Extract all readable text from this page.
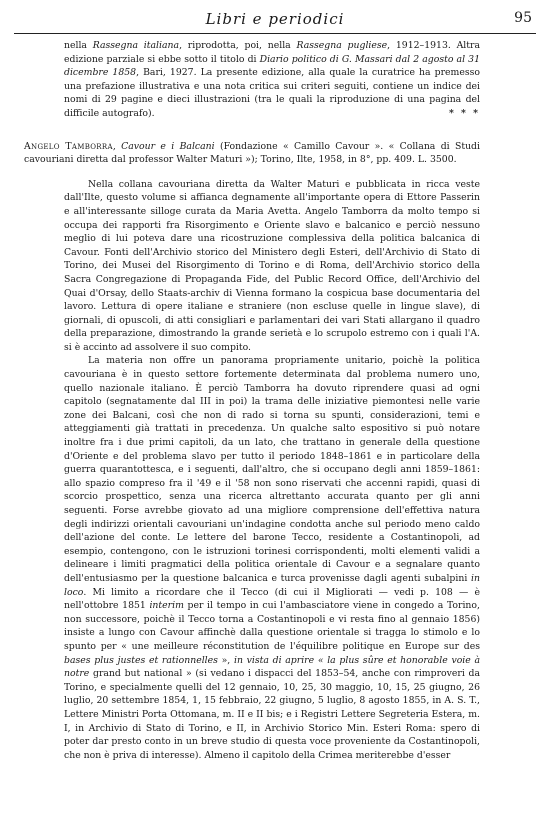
Libri e periodici	95

nella Rassegna italiana, riprodotta, poi, nella Rassegna pugliese, 1912–1913. Altra edizione parziale si ebbe sotto il titolo di Diario politico di G. Massari dal 2 agosto al 31 dicembre 1858, Bari, 1927. La presente edizione, alla quale la curatrice ha premesso una prefazione illustrativa e una nota critica sui criteri seguiti, contiene un indice dei nomi di 29 pagine e dieci illustrazioni (tra le quali la riproduzione di una pagina del difficile autografo).	* * *

Angelo Tamborra, Cavour e i Balcani (Fondazione « Camillo Cavour ». « Collana di Studi cavouriani diretta dal professor Walter Maturi »); Torino, Ilte, 1958, in 8°, pp. 409. L. 3500.

Nella collana cavouriana diretta da Walter Maturi e pubblicata in ricca veste dall'Ilte, questo volume si affianca degnamente all'importante opera di Ettore Passerin e all'interessante silloge curata da Maria Avetta. Angelo Tamborra da molto tempo si occupa dei rapporti fra Risorgimento e Oriente slavo e balcanico e perciò nessuno meglio di lui poteva dare una ricostruzione complessiva della politica balcanica di Cavour. Fonti dell'Archivio storico del Ministero degli Esteri, dell'Archivio di Stato di Torino, dei Musei del Risorgimento di Torino e di Roma, dell'Archivio storico della Sacra Congregazione di Propaganda Fide, del Public Record Office, dell'Archivio del Quai d'Orsay, dello Staats-archiv di Vienna formano la cospicua base documentaria del lavoro. Lettura di opere italiane e straniere (non escluse quelle in lingue slave), di giornali, di opuscoli, di atti consigliari e parlamentari dei vari Stati allargano il quadro della preparazione, dimostrando la grande serietà e lo scrupolo estremo con i quali l'A. si è accinto ad assolvere il suo compito.

La materia non offre un panorama propriamente unitario, poichè la politica cavouriana è in questo settore fortemente determinata dal problema numero uno, quello nazionale italiano. È perciò Tamborra ha dovuto riprendere quasi ad ogni capitolo (segnatamente dal III in poi) la trama delle iniziative piemontesi nelle varie zone dei Balcani, così che non di rado si torna su spunti, considerazioni, temi e atteggiamenti già trattati in precedenza. Un qualche salto espositivo si può notare inoltre fra i due primi capitoli, da un lato, che trattano in generale della questione d'Oriente e del problema slavo per tutto il periodo 1848–1861 e in particolare della guerra quarantottesca, e i seguenti, dall'altro, che si occupano degli anni 1859–1861: allo spazio compreso fra il '49 e il '58 non sono riservati che accenni rapidi, quasi di scorcio prospettico, senza una ricerca altrettanto accurata quanto per gli anni seguenti. Forse avrebbe giovato ad una migliore comprensione dell'effettiva natura degli indirizzi orientali cavouriani un'indagine condotta anche sul periodo meno caldo dell'azione del conte. Le lettere del barone Tecco, residente a Costantinopoli, ad esempio, contengono, con le istruzioni torinesi corrispondenti, molti elementi validi a delineare i limiti pragmatici della politica orientale di Cavour e a segnalare quanto dell'entusiasmo per la questione balcanica e turca provenisse dagli agenti subalpini in loco. Mi limito a ricordare che il Tecco (di cui il Migliorati — vedi p. 108 — è nell'ottobre 1851 interim per il tempo in cui l'ambasciatore viene in congedo a Torino, non successore, poichè il Tecco torna a Costantinopoli e vi resta fino al gennaio 1856) insiste a lungo con Cavour affinchè dalla questione orientale si tragga lo stimolo e lo spunto per « une meilleure réconstitution de l'équilibre politique en Europe sur des bases plus justes et rationnelles », in vista di aprire « la plus sûre et honorable voie à notre grand but national » (si vedano i dispacci del 1853–54, anche con rimproveri da Torino, e specialmente quelli del 12 gennaio, 10, 25, 30 maggio, 10, 15, 25 giugno, 26 luglio, 20 settembre 1854, 1, 15 febbraio, 22 giugno, 5 luglio, 8 agosto 1855, in A. S. T., Lettere Ministri Porta Ottomana, m. II e II bis; e i Registri Lettere Segreteria Estera, m. I, in Archivio di Stato di Torino, e II, in Archivio Storico Min. Esteri Roma: spero di poter dar presto conto in un breve studio di questa voce proveniente da Costantinopoli, che non è priva di interesse). Almeno il capitolo della Crimea meriterebbe d'esser
